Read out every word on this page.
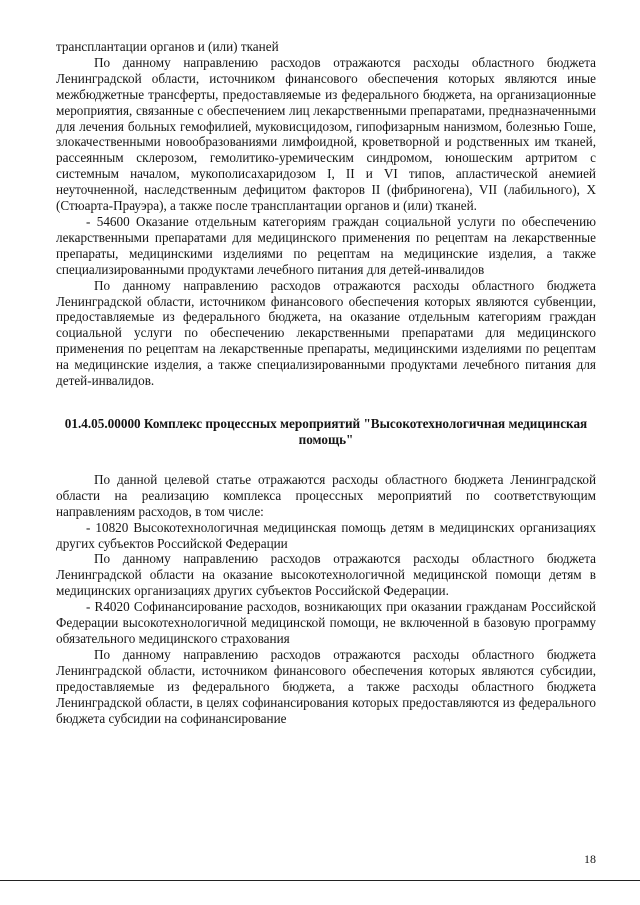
трансплантации органов и (или) тканей

По данному направлению расходов отражаются расходы областного бюджета Ленинградской области, источником финансового обеспечения которых являются иные межбюджетные трансферты, предоставляемые из федерального бюджета, на организационные мероприятия, связанные с обеспечением лиц лекарственными препаратами, предназначенными для лечения больных гемофилией, муковисцидозом, гипофизарным нанизмом, болезнью Гоше, злокачественными новообразованиями лимфоидной, кроветворной и родственных им тканей, рассеянным склерозом, гемолитико-уремическим синдромом, юношеским артритом с системным началом, мукополисахаридозом I, II и VI типов, апластической анемией неуточненной, наследственным дефицитом факторов II (фибриногена), VII (лабильного), X (Стюарта-Прауэра), а также после трансплантации органов и (или) тканей.

- 54600 Оказание отдельным категориям граждан социальной услуги по обеспечению лекарственными препаратами для медицинского применения по рецептам на лекарственные препараты, медицинскими изделиями по рецептам на медицинские изделия, а также специализированными продуктами лечебного питания для детей-инвалидов

По данному направлению расходов отражаются расходы областного бюджета Ленинградской области, источником финансового обеспечения которых являются субвенции, предоставляемые из федерального бюджета, на оказание отдельным категориям граждан социальной услуги по обеспечению лекарственными препаратами для медицинского применения по рецептам на лекарственные препараты, медицинскими изделиями по рецептам на медицинские изделия, а также специализированными продуктами лечебного питания для детей-инвалидов.

01.4.05.00000 Комплекс процессных мероприятий "Высокотехнологичная медицинская помощь"

По данной целевой статье отражаются расходы областного бюджета Ленинградской области на реализацию комплекса процессных мероприятий по соответствующим направлениям расходов, в том числе:

- 10820 Высокотехнологичная медицинская помощь детям в медицинских организациях других субъектов Российской Федерации

По данному направлению расходов отражаются расходы областного бюджета Ленинградской области на оказание высокотехнологичной медицинской помощи детям в медицинских организациях других субъектов Российской Федерации.

- R4020 Софинансирование расходов, возникающих при оказании гражданам Российской Федерации высокотехнологичной медицинской помощи, не включенной в базовую программу обязательного медицинского страхования

По данному направлению расходов отражаются расходы областного бюджета Ленинградской области, источником финансового обеспечения которых являются субсидии, предоставляемые из федерального бюджета, а также расходы областного бюджета Ленинградской области, в целях софинансирования которых предоставляются из федерального бюджета субсидии на софинансирование

18
